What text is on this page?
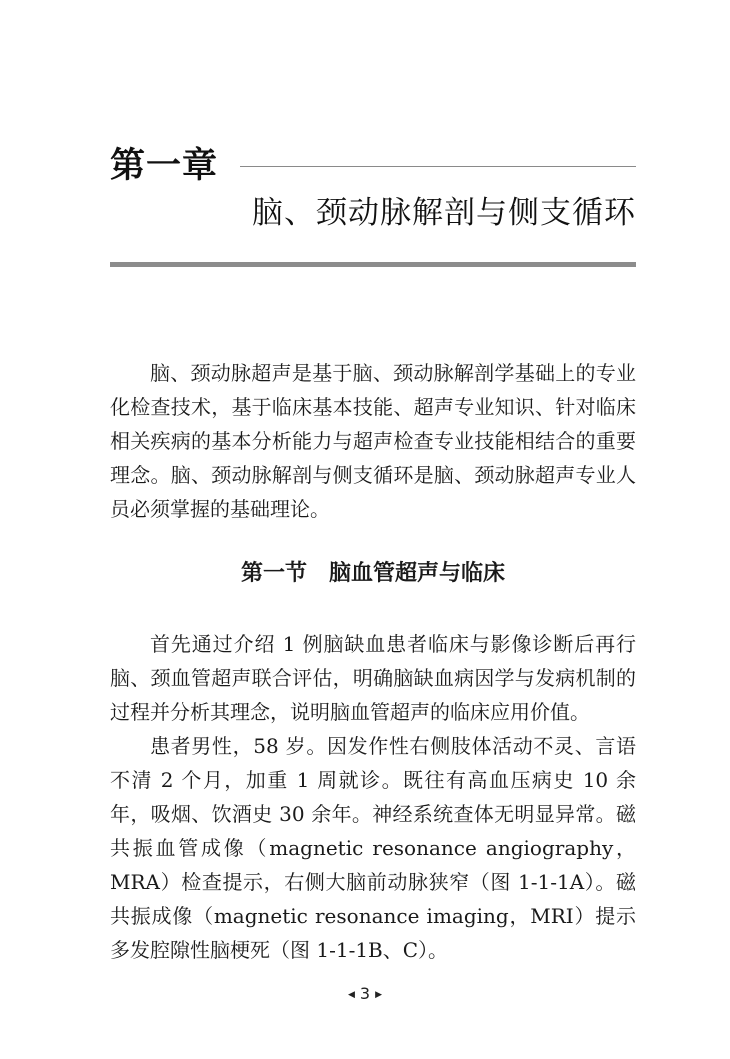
第一章
脑、颈动脉解剖与侧支循环

脑、颈动脉超声是基于脑、颈动脉解剖学基础上的专业化检查技术，基于临床基本技能、超声专业知识、针对临床相关疾病的基本分析能力与超声检查专业技能相结合的重要理念。脑、颈动脉解剖与侧支循环是脑、颈动脉超声专业人员必须掌握的基础理论。

第一节　脑血管超声与临床

首先通过介绍 1 例脑缺血患者临床与影像诊断后再行脑、颈血管超声联合评估，明确脑缺血病因学与发病机制的过程并分析其理念，说明脑血管超声的临床应用价值。

患者男性，58 岁。因发作性右侧肢体活动不灵、言语不清 2 个月，加重 1 周就诊。既往有高血压病史 10 余年，吸烟、饮酒史 30 余年。神经系统查体无明显异常。磁共振血管成像（magnetic resonance angiography，MRA）检查提示，右侧大脑前动脉狭窄（图 1-1-1A）。磁共振成像（magnetic resonance imaging，MRI）提示多发腔隙性脑梗死（图 1-1-1B、C）。

◀ 3 ▶
